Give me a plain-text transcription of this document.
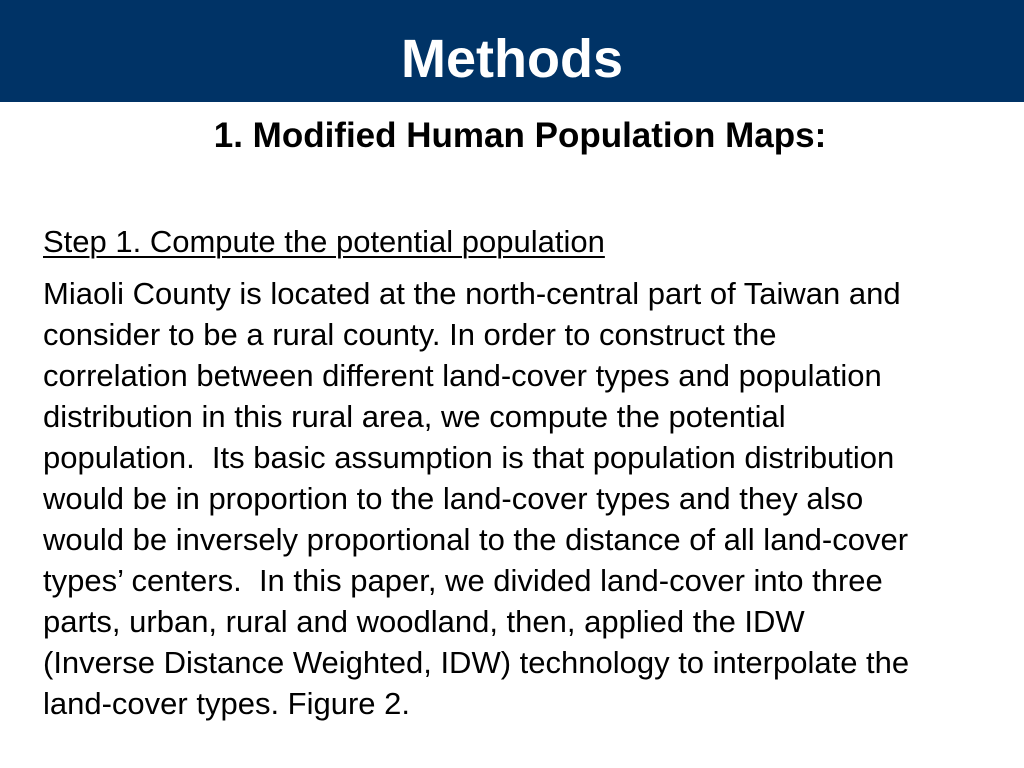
Methods
1. Modified Human Population Maps:
Step 1. Compute the potential population
Miaoli County is located at the north-central part of Taiwan and
consider to be a rural county. In order to construct the
correlation between different land-cover types and population
distribution in this rural area, we compute the potential
population.  Its basic assumption is that population distribution
would be in proportion to the land-cover types and they also
would be inversely proportional to the distance of all land-cover
types’ centers.  In this paper, we divided land-cover into three
parts, urban, rural and woodland, then, applied the IDW
(Inverse Distance Weighted, IDW) technology to interpolate the
land-cover types. Figure 2.
